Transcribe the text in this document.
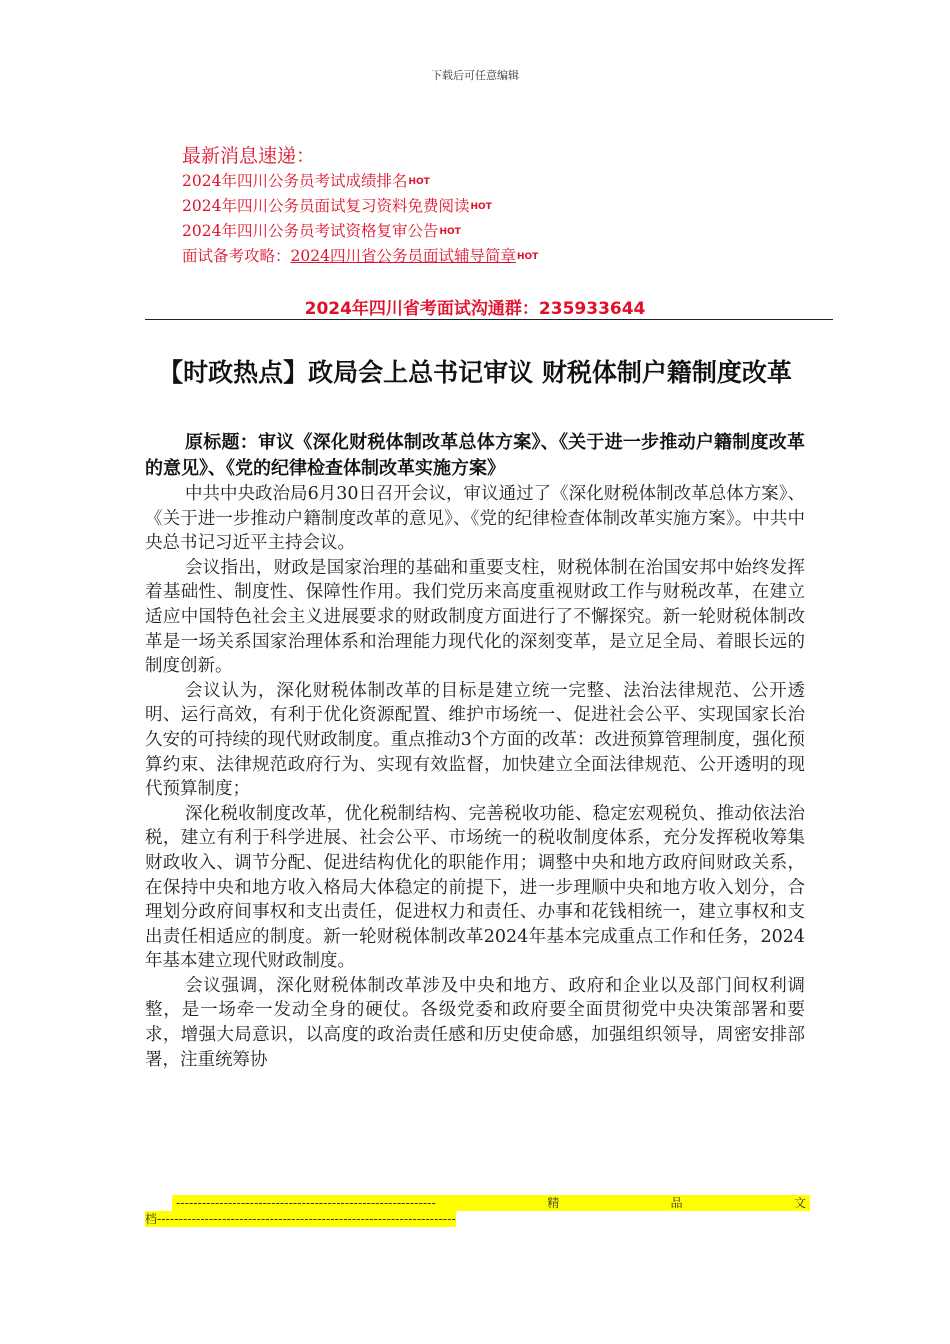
下载后可任意编辑

最新消息速递：

2024年四川公务员考试成绩排名HOT
2024年四川公务员面试复习资料免费阅读HOT
2024年四川公务员考试资格复审公告HOT
面试备考攻略：2024四川省公务员面试辅导简章HOT
2024年四川省考面试沟通群：235933644
【时政热点】政局会上总书记审议 财税体制户籍制度改革

原标题：审议《深化财税体制改革总体方案》、《关于进一步推动户籍制度改革的意见》、《党的纪律检查体制改革实施方案》

中共中央政治局6月30日召开会议，审议通过了《深化财税体制改革总体方案》、《关于进一步推动户籍制度改革的意见》、《党的纪律检查体制改革实施方案》。中共中央总书记习近平主持会议。

会议指出，财政是国家治理的基础和重要支柱，财税体制在治国安邦中始终发挥着基础性、制度性、保障性作用。我们党历来高度重视财政工作与财税改革，在建立适应中国特色社会主义进展要求的财政制度方面进行了不懈探究。新一轮财税体制改革是一场关系国家治理体系和治理能力现代化的深刻变革，是立足全局、着眼长远的制度创新。

会议认为，深化财税体制改革的目标是建立统一完整、法治法律规范、公开透明、运行高效，有利于优化资源配置、维护市场统一、促进社会公平、实现国家长治久安的可持续的现代财政制度。重点推动3个方面的改革：改进预算管理制度，强化预算约束、法律规范政府行为、实现有效监督，加快建立全面法律规范、公开透明的现代预算制度；

深化税收制度改革，优化税制结构、完善税收功能、稳定宏观税负、推动依法治税，建立有利于科学进展、社会公平、市场统一的税收制度体系，充分发挥税收筹集财政收入、调节分配、促进结构优化的职能作用；调整中央和地方政府间财政关系，在保持中央和地方收入格局大体稳定的前提下，进一步理顺中央和地方收入划分，合理划分政府间事权和支出责任，促进权力和责任、办事和花钱相统一，建立事权和支出责任相适应的制度。新一轮财税体制改革2024年基本完成重点工作和任务，2024年基本建立现代财政制度。

会议强调，深化财税体制改革涉及中央和地方、政府和企业以及部门间权利调整，是一场牵一发动全身的硬仗。各级党委和政府要全面贯彻党中央决策部署和要求，增强大局意识，以高度的政治责任感和历史使命感，加强组织领导，周密安排部署，注重统筹协

------------------------------------------------------------	精	品	文
档---------------------------------------------------------------------
